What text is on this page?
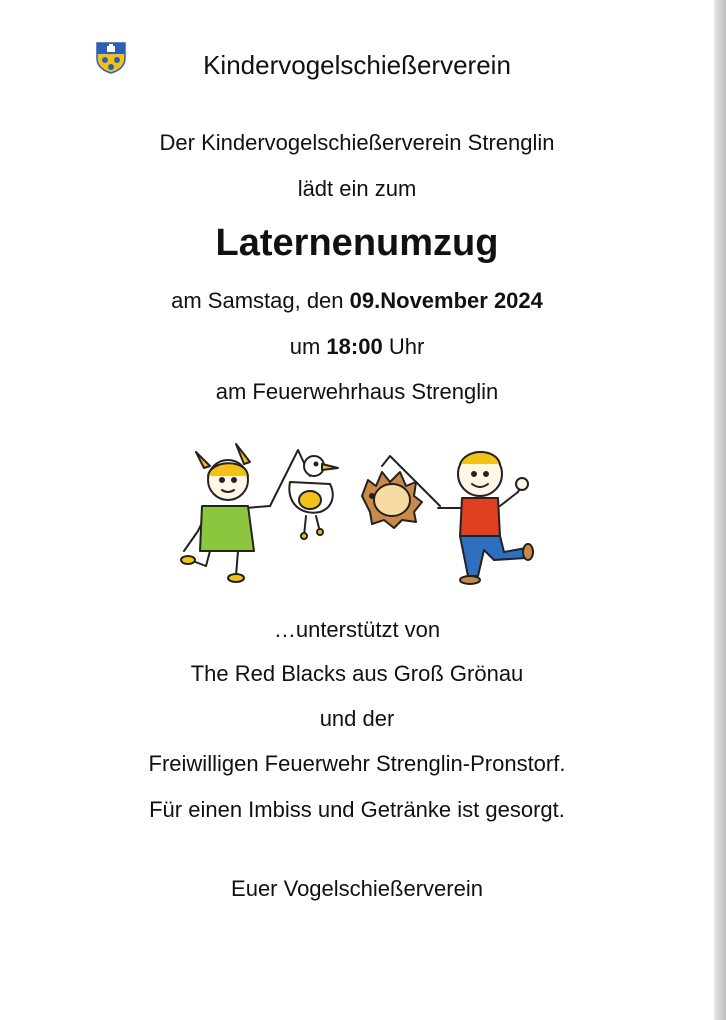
Kindervogelschießerverein
Der Kindervogelschießerverein Strenglin
lädt ein zum
Laternenumzug
am Samstag, den 09.November 2024
um 18:00 Uhr
am Feuerwehrhaus Strenglin
…unterstützt von
The Red Blacks aus Groß Grönau
und der
Freiwilligen Feuerwehr Strenglin-Pronstorf.
Für einen Imbiss und Getränke ist gesorgt.
Euer Vogelschießerverein
